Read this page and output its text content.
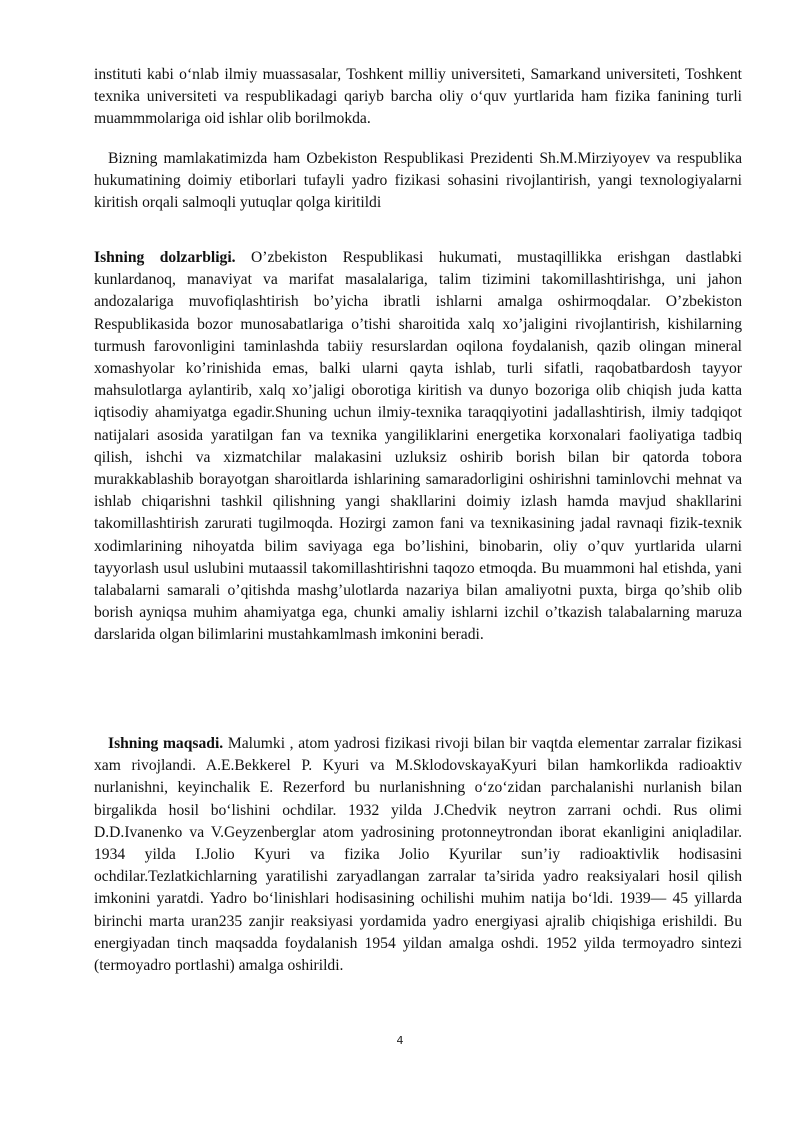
instituti kabi oʻnlab ilmiy muassasalar, Toshkent milliy universiteti, Samarkand universiteti, Toshkent texnika universiteti va respublikadagi qariyb barcha oliy oʻquv yurtlarida ham fizika fanining turli muammmolariga oid ishlar olib borilmokda.

Bizning mamlakatimizda ham Ozbekiston Respublikasi Prezidenti Sh.M.Mirziyoyev va respublika hukumatining doimiy etiborlari tufayli yadro fizikasi sohasini rivojlantirish, yangi texnologiyalarni kiritish orqali salmoqli yutuqlar qolga kiritildi

Ishning dolzarbligi. O’zbekiston Respublikasi hukumati, mustaqillikka erishgan dastlabki kunlardanoq, manaviyat va marifat masalalariga, talim tizimini takomillashtirishga, uni jahon andozalariga muvofiqlashtirish bo’yicha ibratli ishlarni amalga oshirmoqdalar. O’zbekiston Respublikasida bozor munosabatlariga o’tishi sharoitida xalq xo’jaligini rivojlantirish, kishilarning turmush farovonligini taminlashda tabiiy resurslardan oqilona foydalanish, qazib olingan mineral xomashyolar ko’rinishida emas, balki ularni qayta ishlab, turli sifatli, raqobatbardosh tayyor mahsulotlarga aylantirib, xalq xo’jaligi oborotiga kiritish va dunyo bozoriga olib chiqish juda katta iqtisodiy ahamiyatga egadir.Shuning uchun ilmiy-texnika taraqqiyotini jadallashtirish, ilmiy tadqiqot natijalari asosida yaratilgan fan va texnika yangiliklarini energetika korxonalari faoliyatiga tadbiq qilish, ishchi va xizmatchilar malakasini uzluksiz oshirib borish bilan bir qatorda tobora murakkablashib borayotgan sharoitlarda ishlarining samaradorligini oshirishni taminlovchi mehnat va ishlab chiqarishni tashkil qilishning yangi shakllarini doimiy izlash hamda mavjud shakllarini takomillashtirish zarurati tugilmoqda. Hozirgi zamon fani va texnikasining jadal ravnaqi fizik-texnik xodimlarining nihoyatda bilim saviyaga ega bo’lishini, binobarin, oliy o’quv yurtlarida ularni tayyorlash usul uslubini mutaassil takomillashtirishni taqozo etmoqda. Bu muammoni hal etishda, yani talabalarni samarali o’qitishda mashg’ulotlarda nazariya bilan amaliyotni puxta, birga qo’shib olib borish ayniqsa muhim ahamiyatga ega, chunki amaliy ishlarni izchil o’tkazish talabalarning maruza darslarida olgan bilimlarini mustahkamlmash imkonini beradi.

Ishning maqsadi. Malumki , atom yadrosi fizikasi rivoji bilan bir vaqtda elementar zarralar fizikasi xam rivojlandi. A.E.Bekkerel P. Kyuri va M.SklodovskayaKyuri bilan hamkorlikda radioaktiv nurlanishni, keyinchalik E. Rezerford bu nurlanishning oʻzoʻzidan parchalanishi nurlanish bilan birgalikda hosil boʻlishini ochdilar. 1932 yilda J.Chedvik neytron zarrani ochdi. Rus olimi D.D.Ivanenko va V.Geyzenberglar atom yadrosining protonneytrondan iborat ekanligini aniqladilar. 1934 yilda I.Jolio Kyuri va fizika Jolio Kyurilar sun’iy radioaktivlik hodisasini ochdilar.Tezlatkichlarning yaratilishi zaryadlangan zarralar ta’sirida yadro reaksiyalari hosil qilish imkonini yaratdi. Yadro boʻlinishlari hodisasining ochilishi muhim natija boʻldi. 1939— 45 yillarda birinchi marta uran235 zanjir reaksiyasi yordamida yadro energiyasi ajralib chiqishiga erishildi. Bu energiyadan tinch maqsadda foydalanish 1954 yildan amalga oshdi. 1952 yilda termoyadro sintezi (termoyadro portlashi) amalga oshirildi.

4
